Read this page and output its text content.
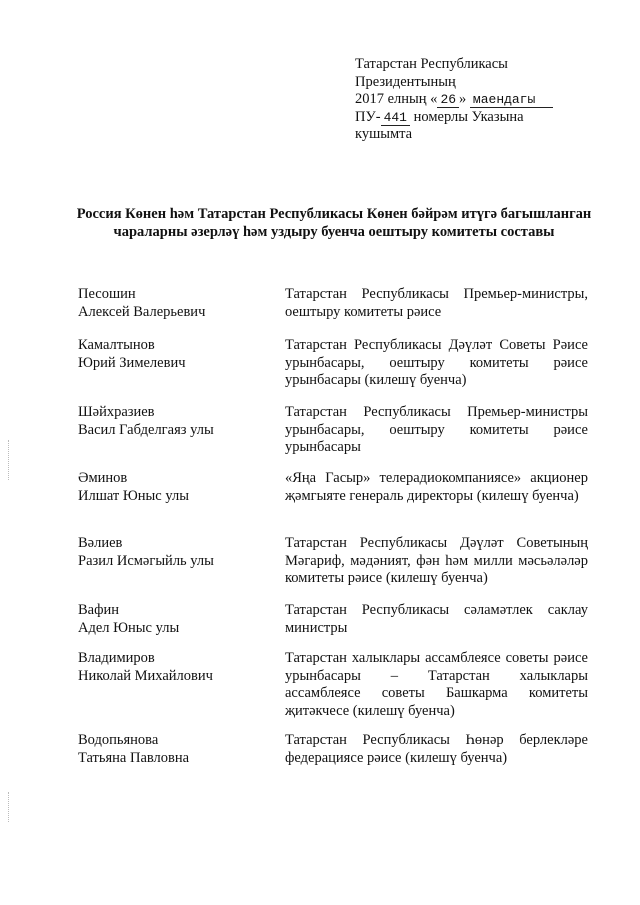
Татарстан Республикасы
Президентының
2017 елның « 26 » маендагы
ПУ- 441 номерлы Указына
кушымта
Россия Көнен һәм Татарстан Республикасы Көнен бәйрәм итүгә багышланган чараларны әзерләү һәм уздыру буенча оештыру комитеты составы
Песошин
Алексей Валерьевич
Татарстан Республикасы Премьер-министры, оештыру комитеты рәисе
Камалтынов
Юрий Зимелевич
Татарстан Республикасы Дәүләт Советы Рәисе урынбасары, оештыру комитеты рәисе урынбасары (килешү буенча)
Шәйхразиев
Васил Габделгаяз улы
Татарстан Республикасы Премьер-министры урынбасары, оештыру комитеты рәисе урынбасары
Әминов
Илшат Юныс улы
«Яңа Гасыр» телерадиокомпаниясе» акционер җәмгыяте генераль директоры (килешү буенча)
Вәлиев
Разил Исмәгыйль улы
Татарстан Республикасы Дәүләт Советының Мәгариф, мәдәният, фән һәм милли мәсьәләләр комитеты рәисе (килешү буенча)
Вафин
Адел Юныс улы
Татарстан Республикасы сәламәтлек саклау министры
Владимиров
Николай Михайлович
Татарстан халыклары ассамблеясе советы рәисе урынбасары – Татарстан халыклары ассамблеясе советы Башкарма комитеты җитәкчесе (килешү буенча)
Водопьянова
Татьяна Павловна
Татарстан Республикасы Һөнәр берлекләре федерациясе рәисе (килешү буенча)
